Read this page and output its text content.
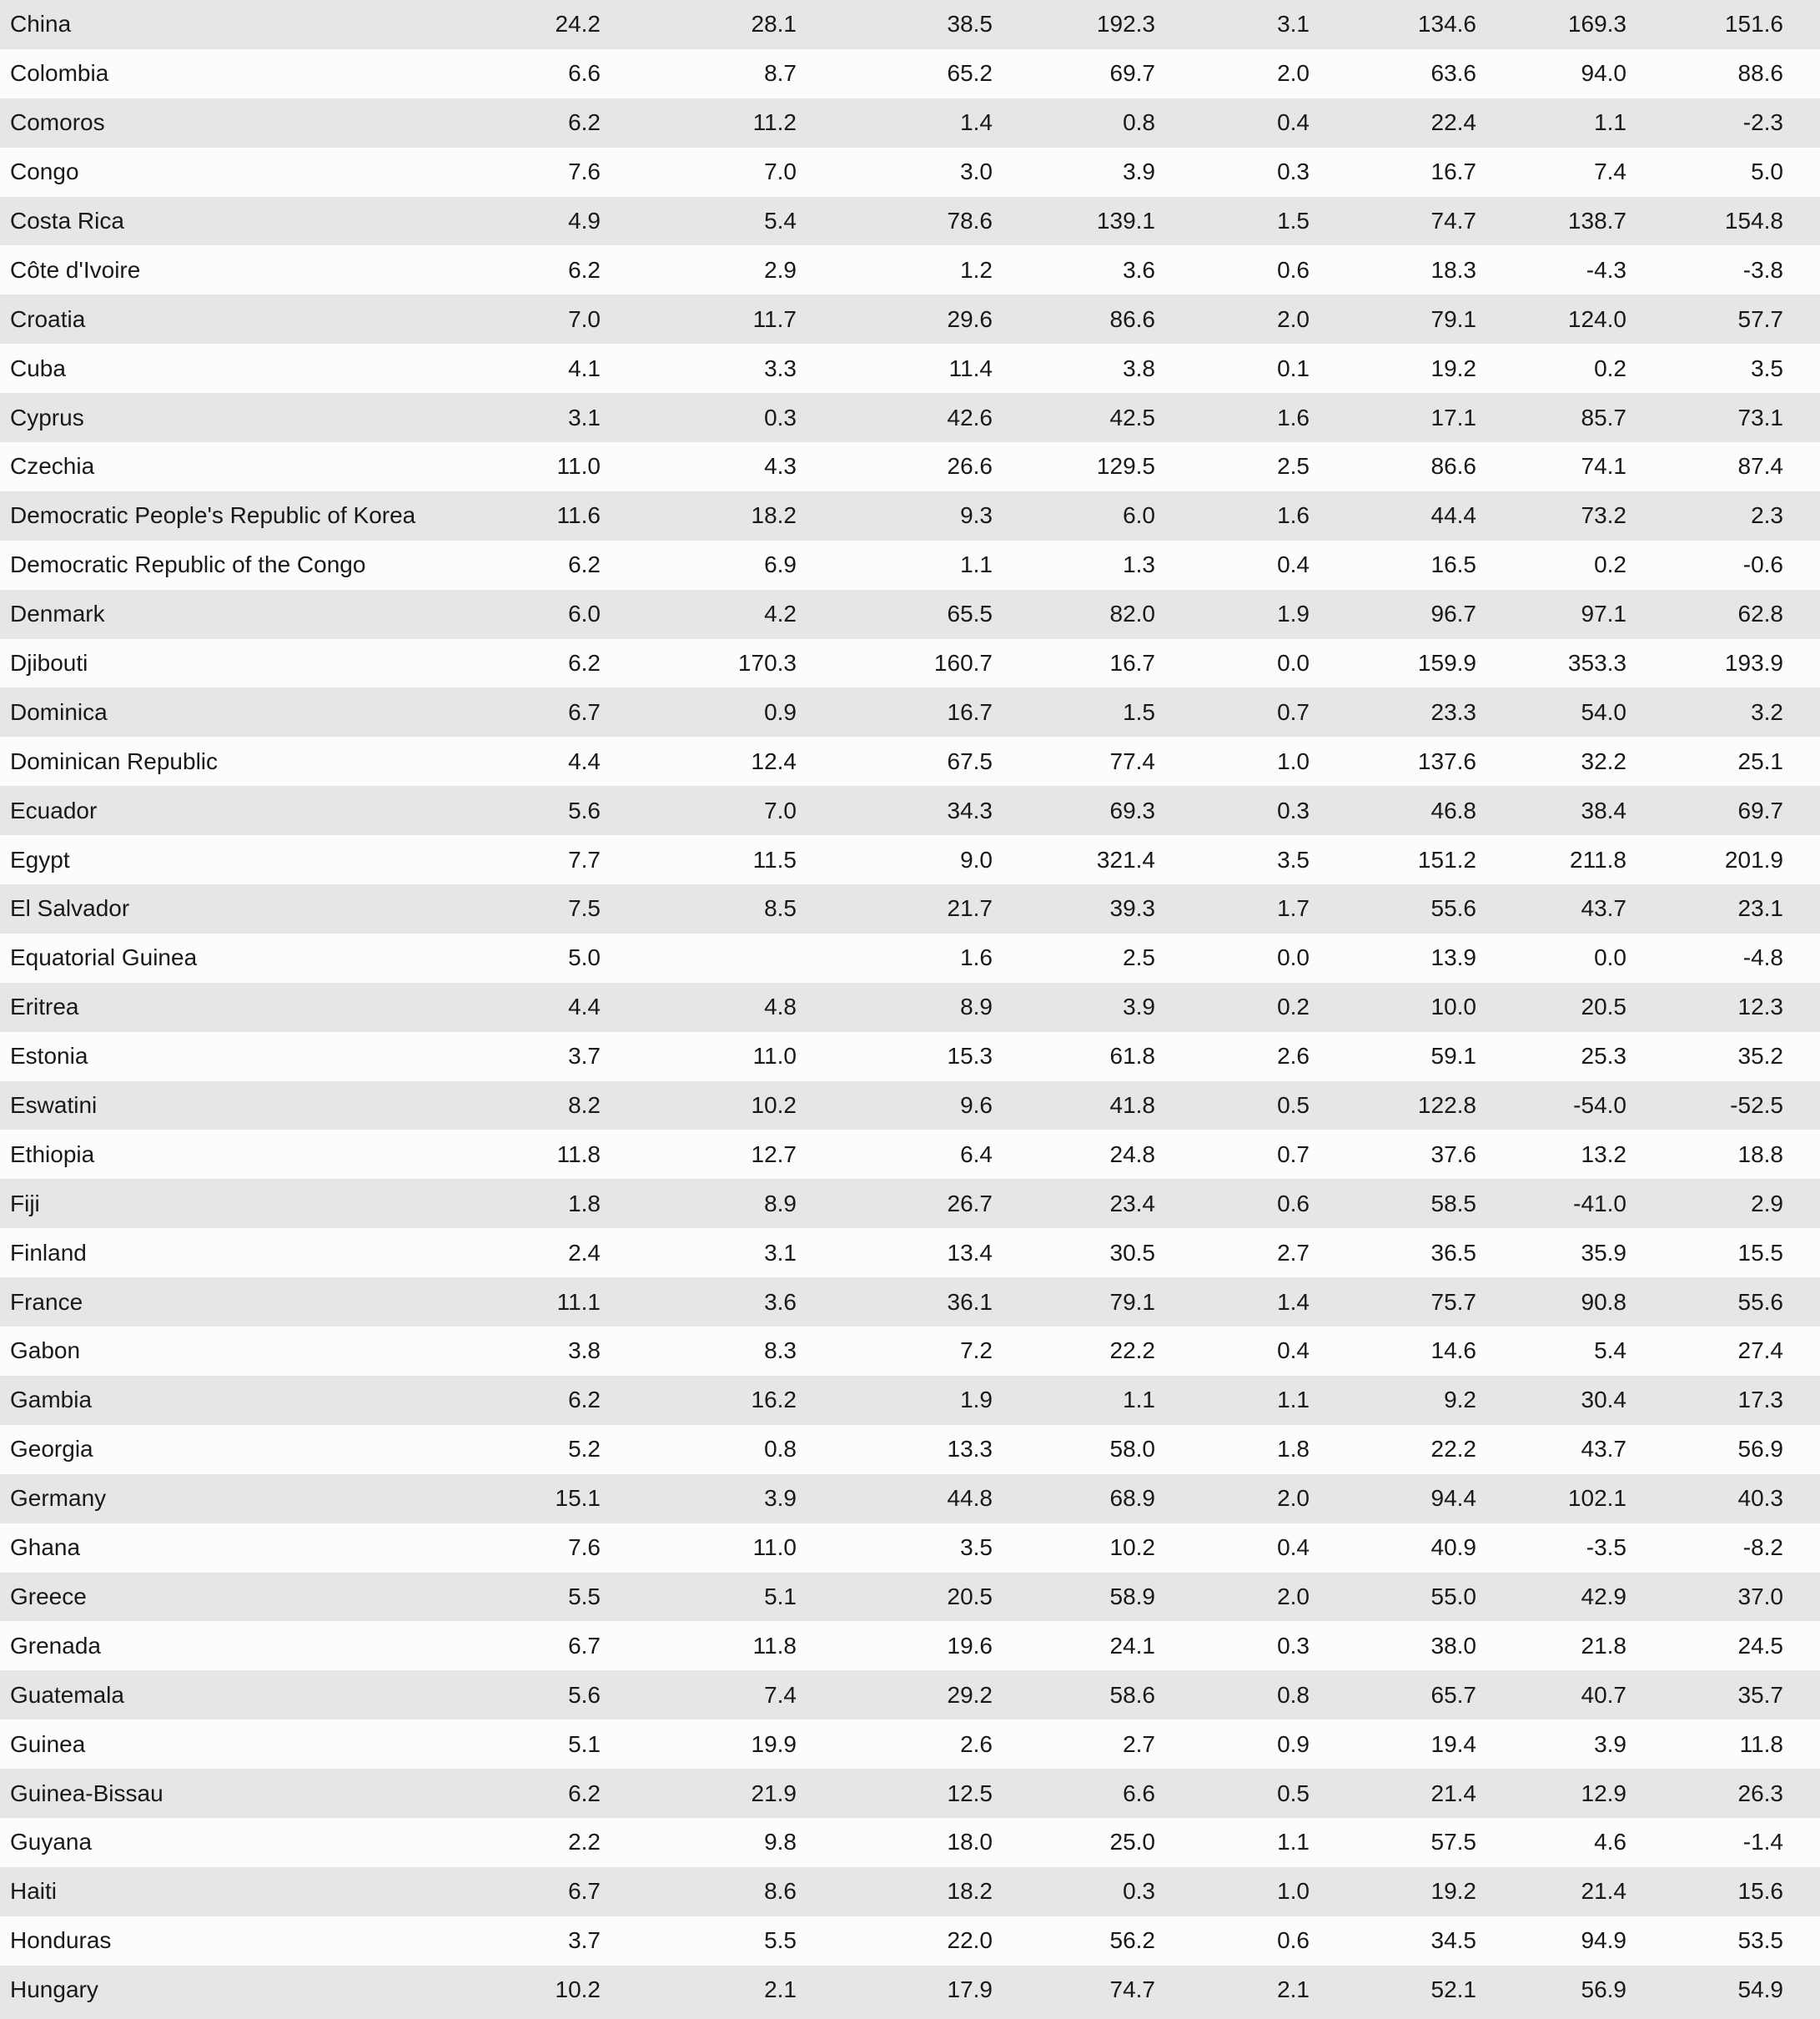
China	24.2	28.1	38.5	192.3	3.1	134.6	169.3	151.6
Colombia	6.6	8.7	65.2	69.7	2.0	63.6	94.0	88.6
Comoros	6.2	11.2	1.4	0.8	0.4	22.4	1.1	-2.3
Congo	7.6	7.0	3.0	3.9	0.3	16.7	7.4	5.0
Costa Rica	4.9	5.4	78.6	139.1	1.5	74.7	138.7	154.8
Côte d'Ivoire	6.2	2.9	1.2	3.6	0.6	18.3	-4.3	-3.8
Croatia	7.0	11.7	29.6	86.6	2.0	79.1	124.0	57.7
Cuba	4.1	3.3	11.4	3.8	0.1	19.2	0.2	3.5
Cyprus	3.1	0.3	42.6	42.5	1.6	17.1	85.7	73.1
Czechia	11.0	4.3	26.6	129.5	2.5	86.6	74.1	87.4
Democratic People's Republic of Korea	11.6	18.2	9.3	6.0	1.6	44.4	73.2	2.3
Democratic Republic of the Congo	6.2	6.9	1.1	1.3	0.4	16.5	0.2	-0.6
Denmark	6.0	4.2	65.5	82.0	1.9	96.7	97.1	62.8
Djibouti	6.2	170.3	160.7	16.7	0.0	159.9	353.3	193.9
Dominica	6.7	0.9	16.7	1.5	0.7	23.3	54.0	3.2
Dominican Republic	4.4	12.4	67.5	77.4	1.0	137.6	32.2	25.1
Ecuador	5.6	7.0	34.3	69.3	0.3	46.8	38.4	69.7
Egypt	7.7	11.5	9.0	321.4	3.5	151.2	211.8	201.9
El Salvador	7.5	8.5	21.7	39.3	1.7	55.6	43.7	23.1
Equatorial Guinea	5.0		1.6	2.5	0.0	13.9	0.0	-4.8
Eritrea	4.4	4.8	8.9	3.9	0.2	10.0	20.5	12.3
Estonia	3.7	11.0	15.3	61.8	2.6	59.1	25.3	35.2
Eswatini	8.2	10.2	9.6	41.8	0.5	122.8	-54.0	-52.5
Ethiopia	11.8	12.7	6.4	24.8	0.7	37.6	13.2	18.8
Fiji	1.8	8.9	26.7	23.4	0.6	58.5	-41.0	2.9
Finland	2.4	3.1	13.4	30.5	2.7	36.5	35.9	15.5
France	11.1	3.6	36.1	79.1	1.4	75.7	90.8	55.6
Gabon	3.8	8.3	7.2	22.2	0.4	14.6	5.4	27.4
Gambia	6.2	16.2	1.9	1.1	1.1	9.2	30.4	17.3
Georgia	5.2	0.8	13.3	58.0	1.8	22.2	43.7	56.9
Germany	15.1	3.9	44.8	68.9	2.0	94.4	102.1	40.3
Ghana	7.6	11.0	3.5	10.2	0.4	40.9	-3.5	-8.2
Greece	5.5	5.1	20.5	58.9	2.0	55.0	42.9	37.0
Grenada	6.7	11.8	19.6	24.1	0.3	38.0	21.8	24.5
Guatemala	5.6	7.4	29.2	58.6	0.8	65.7	40.7	35.7
Guinea	5.1	19.9	2.6	2.7	0.9	19.4	3.9	11.8
Guinea-Bissau	6.2	21.9	12.5	6.6	0.5	21.4	12.9	26.3
Guyana	2.2	9.8	18.0	25.0	1.1	57.5	4.6	-1.4
Haiti	6.7	8.6	18.2	0.3	1.0	19.2	21.4	15.6
Honduras	3.7	5.5	22.0	56.2	0.6	34.5	94.9	53.5
Hungary	10.2	2.1	17.9	74.7	2.1	52.1	56.9	54.9
